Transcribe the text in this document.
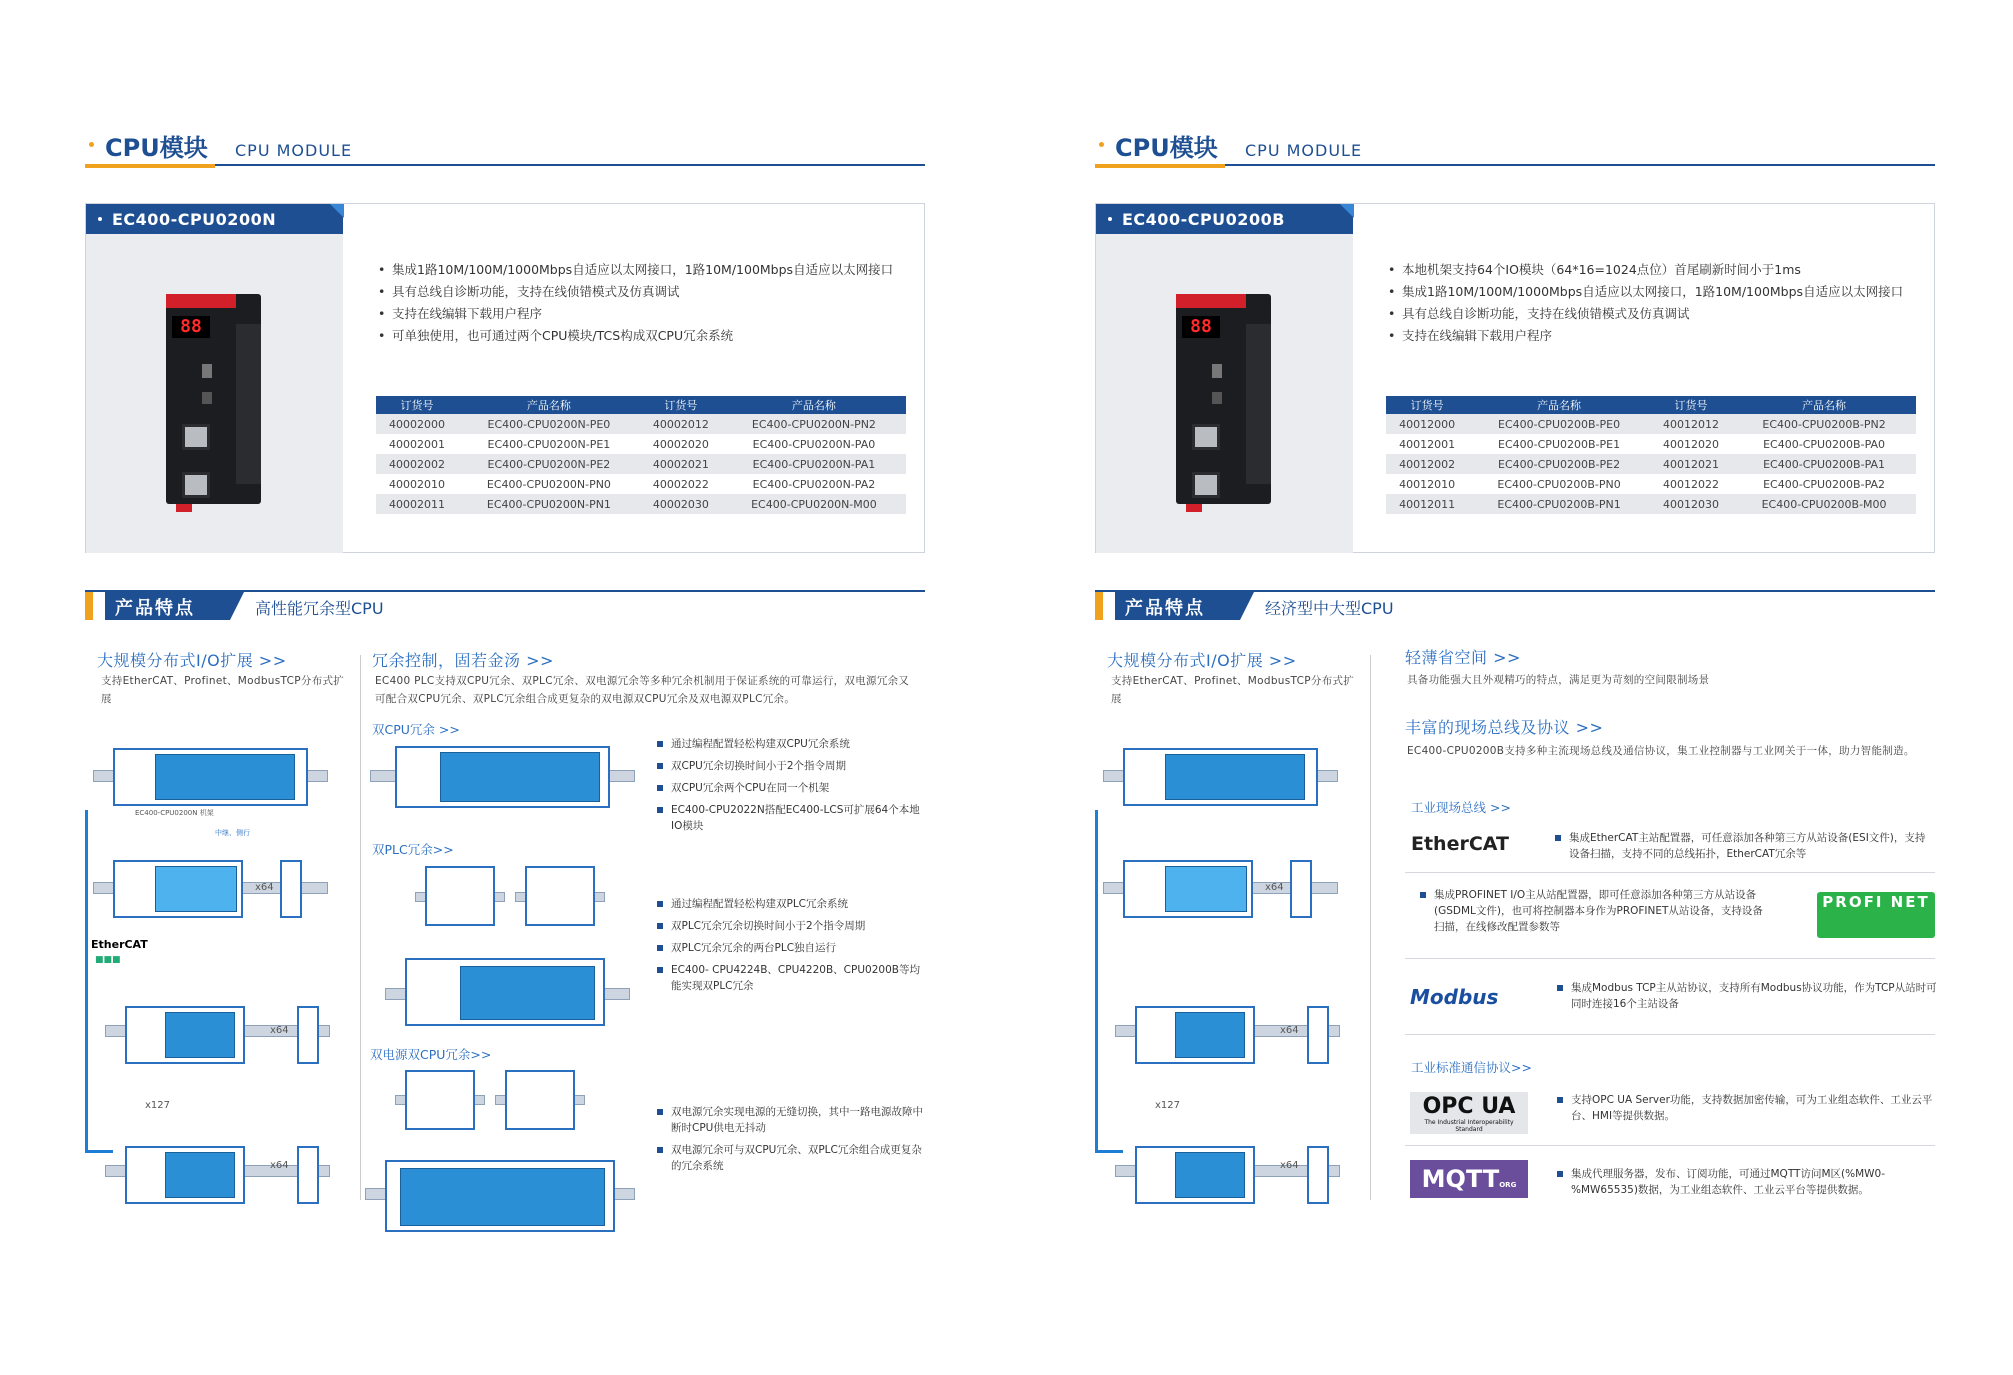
CPU模块 CPU MODULE
EC400-CPU0200N
88
• 集成1路10M/100M/1000Mbps自适应以太网接口，1路10M/100Mbps自适应以太网接口
• 具有总线自诊断功能，支持在线侦错模式及仿真调试
• 支持在线编辑下载用户程序
• 可单独使用，也可通过两个CPU模块/TCS构成双CPU冗余系统
订货号	产品名称	订货号	产品名称
40002000	EC400-CPU0200N-PE0	40002012	EC400-CPU0200N-PN2
40002001	EC400-CPU0200N-PE1	40002020	EC400-CPU0200N-PA0
40002002	EC400-CPU0200N-PE2	40002021	EC400-CPU0200N-PA1
40002010	EC400-CPU0200N-PN0	40002022	EC400-CPU0200N-PA2
40002011	EC400-CPU0200N-PN1	40002030	EC400-CPU0200N-M00
产品特点	高性能冗余型CPU
大规模分布式I/O扩展 >>
支持EtherCAT、Profinet、ModbusTCP分布式扩展
冗余控制，固若金汤 >>
EC400 PLC支持双CPU冗余、双PLC冗余、双电源冗余等多种冗余机制用于保证系统的可靠运行，双电源冗余又可配合双CPU冗余、双PLC冗余组合成更复杂的双电源双CPU冗余及双电源双PLC冗余。
EC400-CPU0200N 机架
中继、侧行
x64
EtherCAT
■■■
x64
x127
x64
双CPU冗余 >>
通过编程配置轻松构建双CPU冗余系统
双CPU冗余切换时间小于2个指令周期
双CPU冗余两个CPU在同一个机架
EC400-CPU2022N搭配EC400-LCS可扩展64个本地IO模块
双PLC冗余>>
通过编程配置轻松构建双PLC冗余系统
双PLC冗余冗余切换时间小于2个指令周期
双PLC冗余冗余的两台PLC独自运行
EC400- CPU4224B、CPU4220B、CPU0200B等均能实现双PLC冗余
双电源双CPU冗余>>
双电源冗余实现电源的无缝切换，其中一路电源故障中断时CPU供电无抖动
双电源冗余可与双CPU冗余、双PLC冗余组合成更复杂的冗余系统
CPU模块 CPU MODULE
EC400-CPU0200B
88
• 本地机架支持64个IO模块（64*16=1024点位）首尾刷新时间小于1ms
• 集成1路10M/100M/1000Mbps自适应以太网接口，1路10M/100Mbps自适应以太网接口
• 具有总线自诊断功能，支持在线侦错模式及仿真调试
• 支持在线编辑下载用户程序
订货号	产品名称	订货号	产品名称
40012000	EC400-CPU0200B-PE0	40012012	EC400-CPU0200B-PN2
40012001	EC400-CPU0200B-PE1	40012020	EC400-CPU0200B-PA0
40012002	EC400-CPU0200B-PE2	40012021	EC400-CPU0200B-PA1
40012010	EC400-CPU0200B-PN0	40012022	EC400-CPU0200B-PA2
40012011	EC400-CPU0200B-PN1	40012030	EC400-CPU0200B-M00
产品特点	经济型中大型CPU
大规模分布式I/O扩展 >>
支持EtherCAT、Profinet、ModbusTCP分布式扩展
x64
x64
x127
x64
轻薄省空间 >>
具备功能强大且外观精巧的特点，满足更为苛刻的空间限制场景
丰富的现场总线及协议 >>
EC400-CPU0200B支持多种主流现场总线及通信协议，集工业控制器与工业网关于一体，助力智能制造。
工业现场总线 >>
EtherCAT	集成EtherCAT主站配置器，可任意添加各种第三方从站设备(ESI文件)，支持设备扫描，支持不同的总线拓扑，EtherCAT冗余等
集成PROFINET I/O主从站配置器，即可任意添加各种第三方从站设备(GSDML文件)，也可将控制器本身作为PROFINET从站设备，支持设备扫描，在线修改配置参数等
PROFI NET
Modbus	集成Modbus TCP主从站协议，支持所有Modbus协议功能，作为TCP从站时可同时连接16个主站设备
工业标准通信协议>>
OPC UA
The Industrial Interoperability Standard
支持OPC UA Server功能，支持数据加密传输，可为工业组态软件、工业云平台、HMI等提供数据。
MQTTORG
集成代理服务器，发布、订阅功能，可通过MQTT访问M区(%MW0-%MW65535)数据，为工业组态软件、工业云平台等提供数据。
